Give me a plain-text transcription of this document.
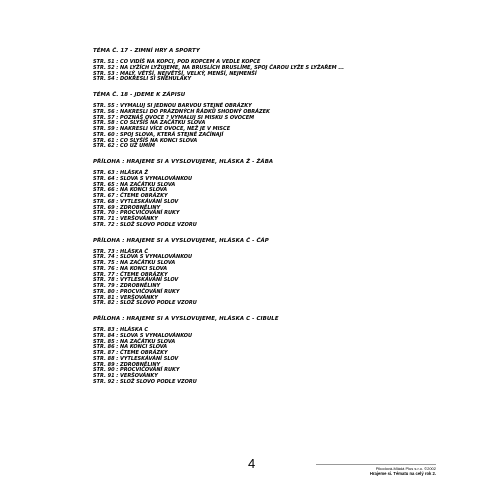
TÉMA Č. 17 - ZIMNÍ HRY A SPORTY
STR. 51 : CO VIDÍŠ NA KOPCI, POD KOPCEM A VEDLE KOPCE
STR. 52 : NA LYŽÍCH LYŽUJEME, NA BRUSLÍCH BRUSLÍME, SPOJ ČAROU LYŽE S LYŽAŘEM ...
STR. 53 : MALÝ, VĚTŠÍ, NEJVĚTŠÍ, VELKÝ, MENŠÍ, NEJMENŠÍ
STR. 54 : DOKRESLI SI SNĚHULÁKY
TÉMA Č. 18 - JDEME K ZÁPISU
STR. 55 : VYMALUJ SI JEDNOU BARVOU STEJNÉ OBRÁZKY
STR. 56 : NAKRESLI DO PRÁZDNÝCH ŘÁDKŮ SHODNÝ OBRÁZEK
STR. 57 : POZNÁŠ OVOCE ? VYMALUJ SI MISKU S OVOCEM
STR. 58 : CO SLYŠÍŠ NA ZAČÁTKU SLOVA
STR. 59 : NAKRESLI VÍCE OVOCE, NEŽ JE V MISCE
STR. 60 : SPOJ SLOVA, KTERÁ STEJNĚ ZAČÍNAJÍ
STR. 61 : CO SLYŠÍŠ NA KONCI SLOVA
STR. 62 : CO UŽ UMÍM
PŘÍLOHA : HRAJEME SI A VYSLOVUJEME, HLÁSKA Ž - ŽÁBA
STR. 63 : HLÁSKA Ž
STR. 64 : SLOVA S VYMALOVÁNKOU
STR. 65 : NA ZAČÁTKU SLOVA
STR. 66 : NA KONCI SLOVA
STR. 67 : ČTEME OBRÁZKY
STR. 68 : VYTLESKÁVÁNÍ SLOV
STR. 69 : ZDROBNĚLINY
STR. 70 : PROCVIČOVÁNÍ RUKY
STR. 71 : VERŠOVÁNKY
STR. 72 : SLOŽ SLOVO PODLE VZORU
PŘÍLOHA : HRAJEME SI A VYSLOVUJEME, HLÁSKA Č - ČÁP
STR. 73 : HLÁSKA Č
STR. 74 : SLOVA S VYMALOVÁNKOU
STR. 75 : NA ZAČÁTKU SLOVA
STR. 76 : NA KONCI SLOVA
STR. 77 : ČTEME OBRÁZKY
STR. 78 : VYTLESKÁVÁNÍ SLOV
STR. 79 : ZDROBNĚLINY
STR. 80 : PROCVIČOVÁNÍ RUKY
STR. 81 : VERŠOVÁNKY
STR. 82 : SLOŽ SLOVO PODLE VZORU
PŘÍLOHA : HRAJEME SI A VYSLOVUJEME, HLÁSKA C - CIBULE
STR. 83 : HLÁSKA C
STR. 84 : SLOVA S VYMALOVÁNKOU
STR. 85 : NA ZAČÁTKU SLOVA
STR. 86 : NA KONCI SLOVA
STR. 87 : ČTEME OBRÁZKY
STR. 88 : VYTLESKÁVÁNÍ SLOV
STR. 89 : ZDROBNĚLINY
STR. 90 : PROCVIČOVÁNÍ RUKY
STR. 91 : VERŠOVÁNKY
STR. 92 : SLOŽ SLOVO PODLE VZORU
4	Pikodová-Mládá Plus s.r.o. ©2002
Hrajeme si. Tématu na celý rok 2.
